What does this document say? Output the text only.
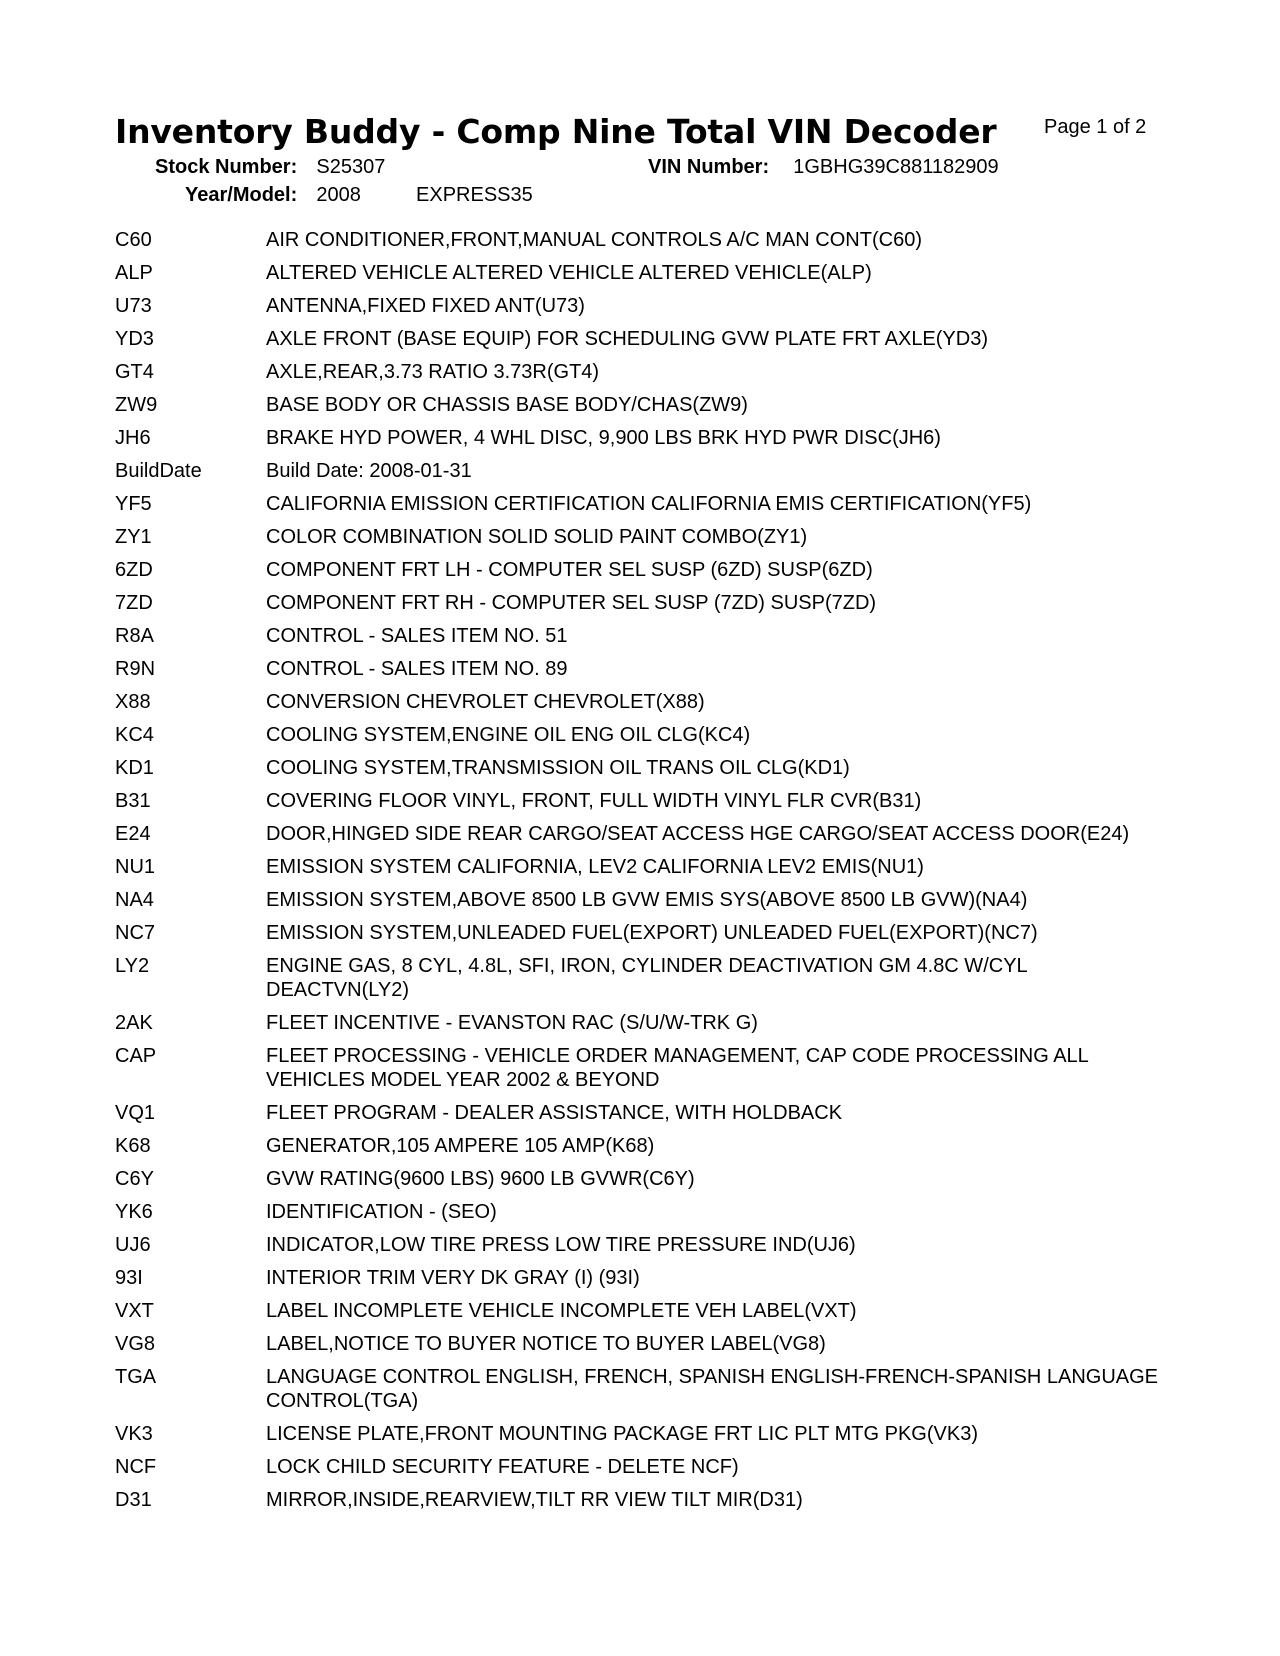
Inventory Buddy - Comp Nine Total VIN Decoder Page 1 of 2
Stock Number: S25307	VIN Number: 1GBHG39C881182909
Year/Model: 2008	EXPRESS35
C60	AIR CONDITIONER,FRONT,MANUAL CONTROLS A/C MAN CONT(C60)
ALP	ALTERED VEHICLE ALTERED VEHICLE ALTERED VEHICLE(ALP)
U73	ANTENNA,FIXED FIXED ANT(U73)
YD3	AXLE FRONT (BASE EQUIP) FOR SCHEDULING GVW PLATE FRT AXLE(YD3)
GT4	AXLE,REAR,3.73 RATIO 3.73R(GT4)
ZW9	BASE BODY OR CHASSIS BASE BODY/CHAS(ZW9)
JH6	BRAKE HYD POWER, 4 WHL DISC, 9,900 LBS BRK HYD PWR DISC(JH6)
BuildDate	Build Date: 2008-01-31
YF5	CALIFORNIA EMISSION CERTIFICATION CALIFORNIA EMIS CERTIFICATION(YF5)
ZY1	COLOR COMBINATION SOLID SOLID PAINT COMBO(ZY1)
6ZD	COMPONENT FRT LH - COMPUTER SEL SUSP (6ZD) SUSP(6ZD)
7ZD	COMPONENT FRT RH - COMPUTER SEL SUSP (7ZD) SUSP(7ZD)
R8A	CONTROL - SALES ITEM NO. 51
R9N	CONTROL - SALES ITEM NO. 89
X88	CONVERSION CHEVROLET CHEVROLET(X88)
KC4	COOLING SYSTEM,ENGINE OIL ENG OIL CLG(KC4)
KD1	COOLING SYSTEM,TRANSMISSION OIL TRANS OIL CLG(KD1)
B31	COVERING FLOOR VINYL, FRONT, FULL WIDTH VINYL FLR CVR(B31)
E24	DOOR,HINGED SIDE REAR CARGO/SEAT ACCESS HGE CARGO/SEAT ACCESS DOOR(E24)
NU1	EMISSION SYSTEM CALIFORNIA, LEV2 CALIFORNIA LEV2 EMIS(NU1)
NA4	EMISSION SYSTEM,ABOVE 8500 LB GVW EMIS SYS(ABOVE 8500 LB GVW)(NA4)
NC7	EMISSION SYSTEM,UNLEADED FUEL(EXPORT) UNLEADED FUEL(EXPORT)(NC7)
LY2	ENGINE GAS, 8 CYL, 4.8L, SFI, IRON, CYLINDER DEACTIVATION GM 4.8C W/CYL DEACTVN(LY2)
2AK	FLEET INCENTIVE - EVANSTON RAC (S/U/W-TRK G)
CAP	FLEET PROCESSING - VEHICLE ORDER MANAGEMENT, CAP CODE PROCESSING ALL VEHICLES MODEL YEAR 2002 & BEYOND
VQ1	FLEET PROGRAM - DEALER ASSISTANCE, WITH HOLDBACK
K68	GENERATOR,105 AMPERE 105 AMP(K68)
C6Y	GVW RATING(9600 LBS) 9600 LB GVWR(C6Y)
YK6	IDENTIFICATION - (SEO)
UJ6	INDICATOR,LOW TIRE PRESS LOW TIRE PRESSURE IND(UJ6)
93I	INTERIOR TRIM VERY DK GRAY (I) (93I)
VXT	LABEL INCOMPLETE VEHICLE INCOMPLETE VEH LABEL(VXT)
VG8	LABEL,NOTICE TO BUYER NOTICE TO BUYER LABEL(VG8)
TGA	LANGUAGE CONTROL ENGLISH, FRENCH, SPANISH ENGLISH-FRENCH-SPANISH LANGUAGE CONTROL(TGA)
VK3	LICENSE PLATE,FRONT MOUNTING PACKAGE FRT LIC PLT MTG PKG(VK3)
NCF	LOCK CHILD SECURITY FEATURE - DELETE NCF)
D31	MIRROR,INSIDE,REARVIEW,TILT RR VIEW TILT MIR(D31)
